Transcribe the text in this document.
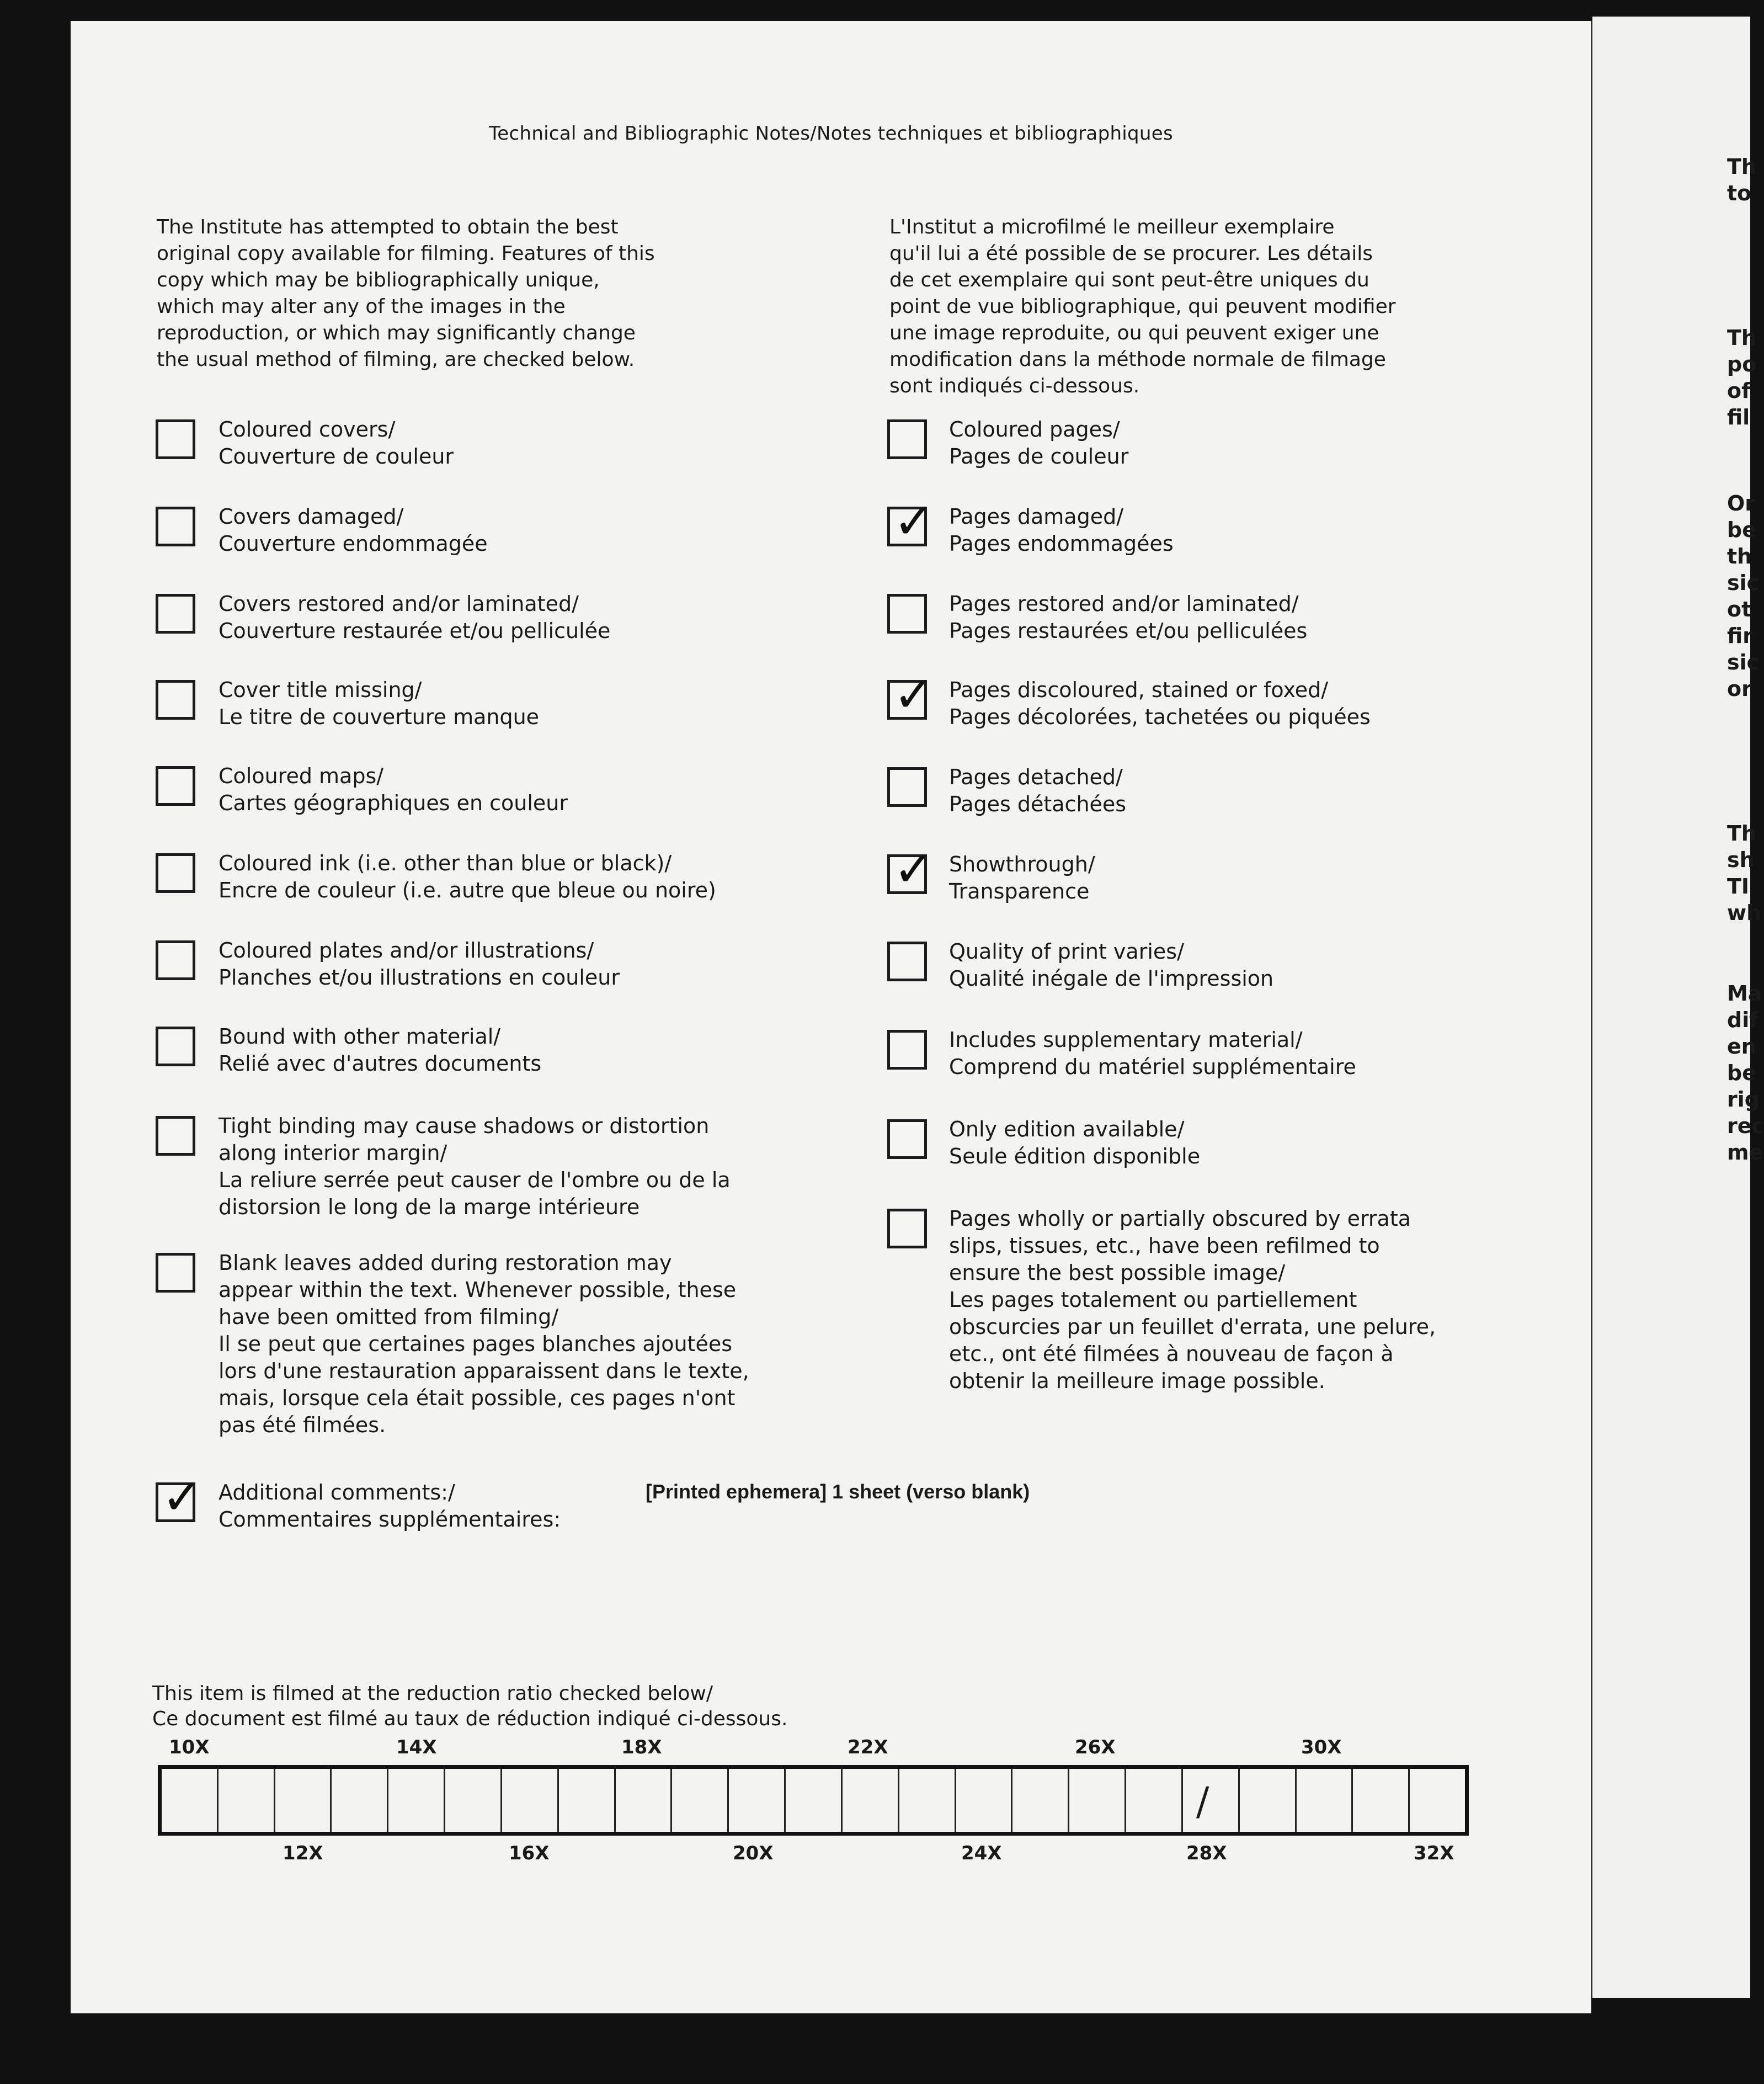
Technical and Bibliographic Notes/Notes techniques et bibliographiques
The Institute has attempted to obtain the best
original copy available for filming. Features of this
copy which may be bibliographically unique,
which may alter any of the images in the
reproduction, or which may significantly change
the usual method of filming, are checked below.
L'Institut a microfilmé le meilleur exemplaire
qu'il lui a été possible de se procurer. Les détails
de cet exemplaire qui sont peut-être uniques du
point de vue bibliographique, qui peuvent modifier
une image reproduite, ou qui peuvent exiger une
modification dans la méthode normale de filmage
sont indiqués ci-dessous.
Coloured covers/
Couverture de couleur
Covers damaged/
Couverture endommagée
Covers restored and/or laminated/
Couverture restaurée et/ou pelliculée
Cover title missing/
Le titre de couverture manque
Coloured maps/
Cartes géographiques en couleur
Coloured ink (i.e. other than blue or black)/
Encre de couleur (i.e. autre que bleue ou noire)
Coloured plates and/or illustrations/
Planches et/ou illustrations en couleur
Bound with other material/
Relié avec d'autres documents
Tight binding may cause shadows or distortion
along interior margin/
La reliure serrée peut causer de l'ombre ou de la
distorsion le long de la marge intérieure
Blank leaves added during restoration may
appear within the text. Whenever possible, these
have been omitted from filming/
Il se peut que certaines pages blanches ajoutées
lors d'une restauration apparaissent dans le texte,
mais, lorsque cela était possible, ces pages n'ont
pas été filmées.
✓ Additional comments:/
Commentaires supplémentaires:
Coloured pages/
Pages de couleur
✓ Pages damaged/
Pages endommagées
Pages restored and/or laminated/
Pages restaurées et/ou pelliculées
✓ Pages discoloured, stained or foxed/
Pages décolorées, tachetées ou piquées
Pages detached/
Pages détachées
✓ Showthrough/
Transparence
Quality of print varies/
Qualité inégale de l'impression
Includes supplementary material/
Comprend du matériel supplémentaire
Only edition available/
Seule édition disponible
Pages wholly or partially obscured by errata
slips, tissues, etc., have been refilmed to
ensure the best possible image/
Les pages totalement ou partiellement
obscurcies par un feuillet d'errata, une pelure,
etc., ont été filmées à nouveau de façon à
obtenir la meilleure image possible.
[Printed ephemera] 1 sheet (verso blank)
This item is filmed at the reduction ratio checked below/
Ce document est filmé au taux de réduction indiqué ci-dessous.
10X	14X	18X	22X	26X	30X
/
12X	16X	20X	24X	28X	32X
Th
to
Th
po
of
fil
Or
be
th
sic
ot
fir
sic
or
Th
sh
TI
wh
Ma
dif
en
be
rig
rec
me
